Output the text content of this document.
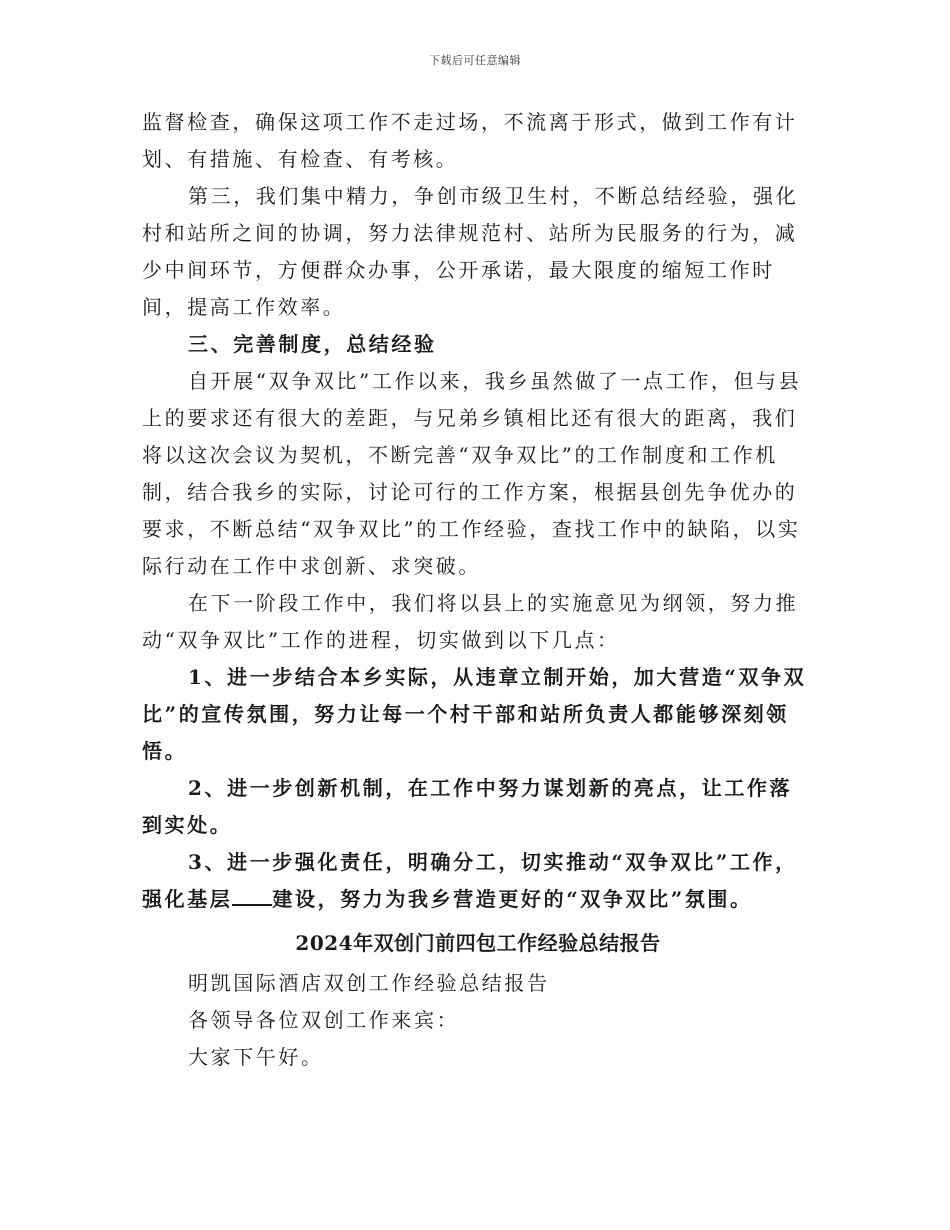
下载后可任意编辑

监督检查，确保这项工作不走过场，不流离于形式，做到工作有计划、有措施、有检查、有考核。

第三，我们集中精力，争创市级卫生村，不断总结经验，强化村和站所之间的协调，努力法律规范村、站所为民服务的行为，减少中间环节，方便群众办事，公开承诺，最大限度的缩短工作时间，提高工作效率。

三、完善制度，总结经验

自开展“双争双比”工作以来，我乡虽然做了一点工作，但与县上的要求还有很大的差距，与兄弟乡镇相比还有很大的距离，我们将以这次会议为契机，不断完善“双争双比”的工作制度和工作机制，结合我乡的实际，讨论可行的工作方案，根据县创先争优办的要求，不断总结“双争双比”的工作经验，查找工作中的缺陷，以实际行动在工作中求创新、求突破。

在下一阶段工作中，我们将以县上的实施意见为纲领，努力推动“双争双比”工作的进程，切实做到以下几点：

1、进一步结合本乡实际，从违章立制开始，加大营造“双争双比”的宣传氛围，努力让每一个村干部和站所负责人都能够深刻领悟。

2、进一步创新机制，在工作中努力谋划新的亮点，让工作落到实处。

3、进一步强化责任，明确分工，切实推动“双争双比”工作，强化基层 建设，努力为我乡营造更好的“双争双比”氛围。

2024年双创门前四包工作经验总结报告

明凯国际酒店双创工作经验总结报告

各领导各位双创工作来宾：

大家下午好。
